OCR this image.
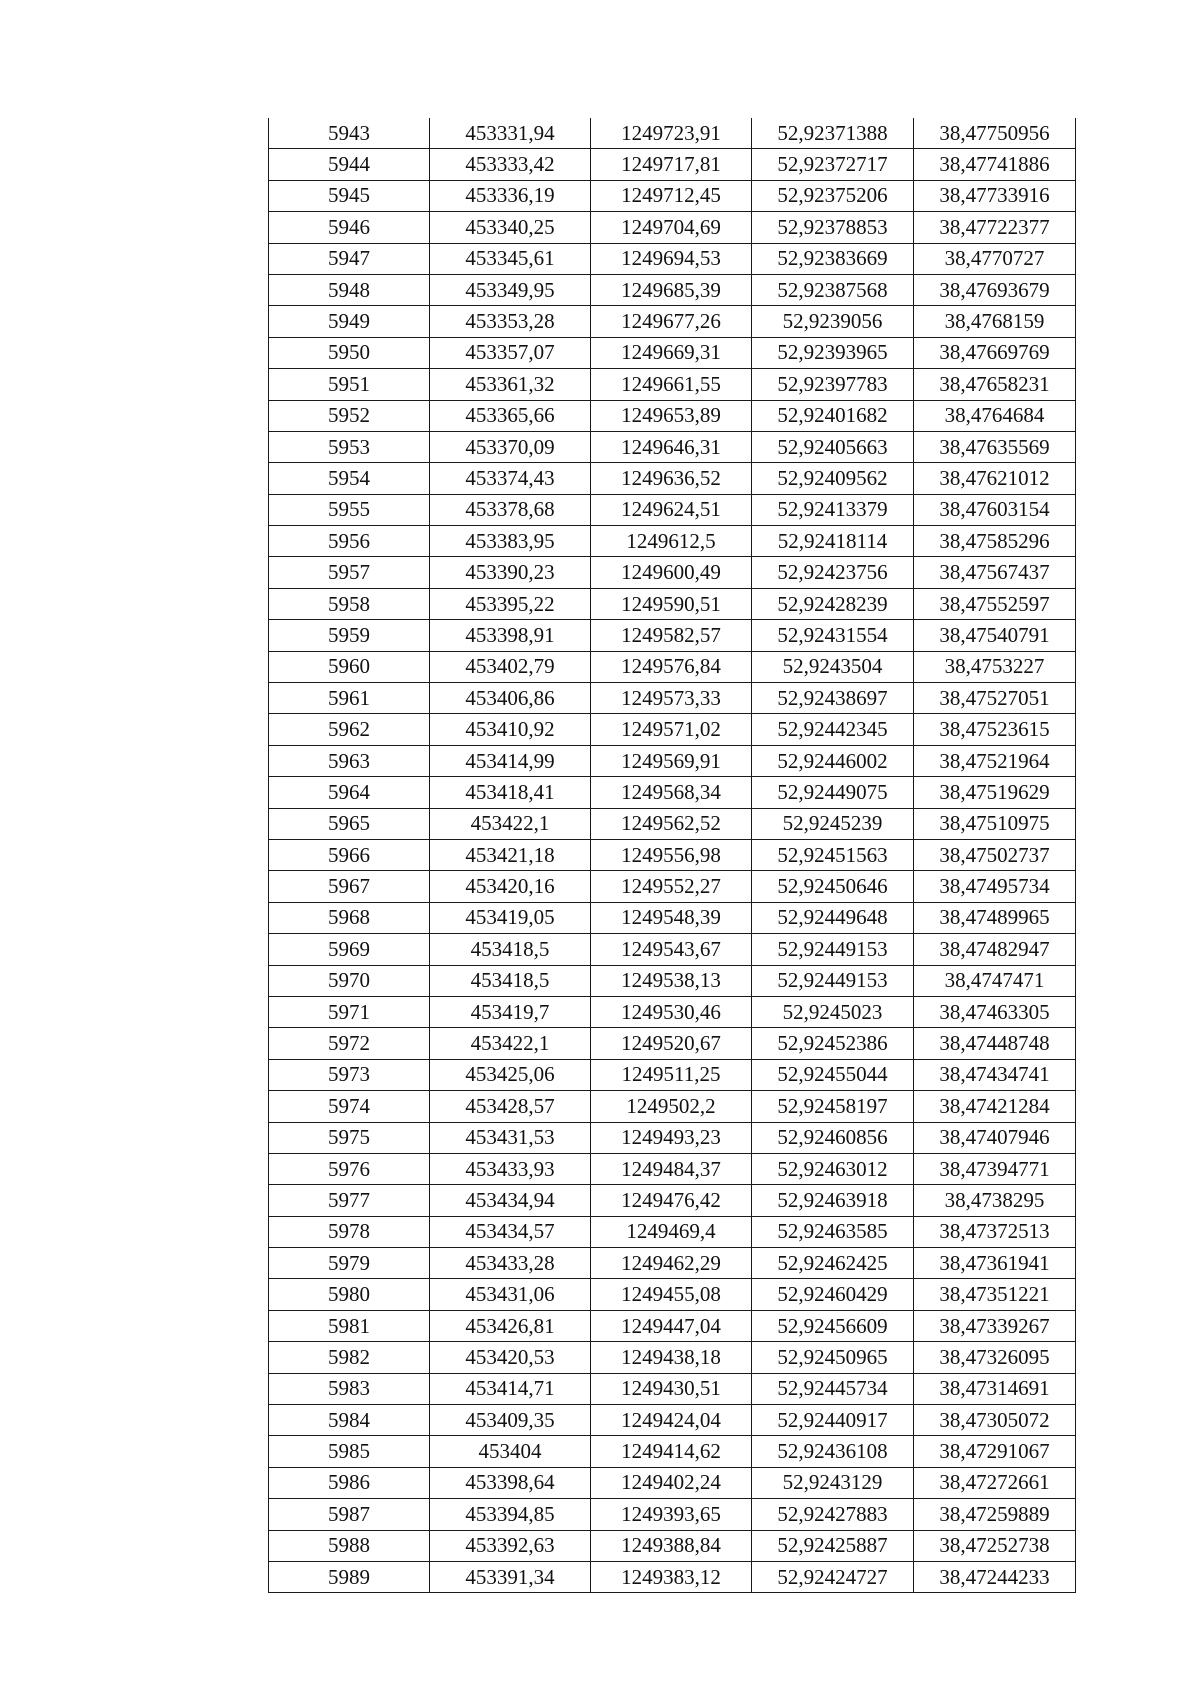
5943	453331,94	1249723,91	52,92371388	38,47750956
5944	453333,42	1249717,81	52,92372717	38,47741886
5945	453336,19	1249712,45	52,92375206	38,47733916
5946	453340,25	1249704,69	52,92378853	38,47722377
5947	453345,61	1249694,53	52,92383669	38,4770727
5948	453349,95	1249685,39	52,92387568	38,47693679
5949	453353,28	1249677,26	52,9239056	38,4768159
5950	453357,07	1249669,31	52,92393965	38,47669769
5951	453361,32	1249661,55	52,92397783	38,47658231
5952	453365,66	1249653,89	52,92401682	38,4764684
5953	453370,09	1249646,31	52,92405663	38,47635569
5954	453374,43	1249636,52	52,92409562	38,47621012
5955	453378,68	1249624,51	52,92413379	38,47603154
5956	453383,95	1249612,5	52,92418114	38,47585296
5957	453390,23	1249600,49	52,92423756	38,47567437
5958	453395,22	1249590,51	52,92428239	38,47552597
5959	453398,91	1249582,57	52,92431554	38,47540791
5960	453402,79	1249576,84	52,9243504	38,4753227
5961	453406,86	1249573,33	52,92438697	38,47527051
5962	453410,92	1249571,02	52,92442345	38,47523615
5963	453414,99	1249569,91	52,92446002	38,47521964
5964	453418,41	1249568,34	52,92449075	38,47519629
5965	453422,1	1249562,52	52,9245239	38,47510975
5966	453421,18	1249556,98	52,92451563	38,47502737
5967	453420,16	1249552,27	52,92450646	38,47495734
5968	453419,05	1249548,39	52,92449648	38,47489965
5969	453418,5	1249543,67	52,92449153	38,47482947
5970	453418,5	1249538,13	52,92449153	38,4747471
5971	453419,7	1249530,46	52,9245023	38,47463305
5972	453422,1	1249520,67	52,92452386	38,47448748
5973	453425,06	1249511,25	52,92455044	38,47434741
5974	453428,57	1249502,2	52,92458197	38,47421284
5975	453431,53	1249493,23	52,92460856	38,47407946
5976	453433,93	1249484,37	52,92463012	38,47394771
5977	453434,94	1249476,42	52,92463918	38,4738295
5978	453434,57	1249469,4	52,92463585	38,47372513
5979	453433,28	1249462,29	52,92462425	38,47361941
5980	453431,06	1249455,08	52,92460429	38,47351221
5981	453426,81	1249447,04	52,92456609	38,47339267
5982	453420,53	1249438,18	52,92450965	38,47326095
5983	453414,71	1249430,51	52,92445734	38,47314691
5984	453409,35	1249424,04	52,92440917	38,47305072
5985	453404	1249414,62	52,92436108	38,47291067
5986	453398,64	1249402,24	52,9243129	38,47272661
5987	453394,85	1249393,65	52,92427883	38,47259889
5988	453392,63	1249388,84	52,92425887	38,47252738
5989	453391,34	1249383,12	52,92424727	38,47244233
